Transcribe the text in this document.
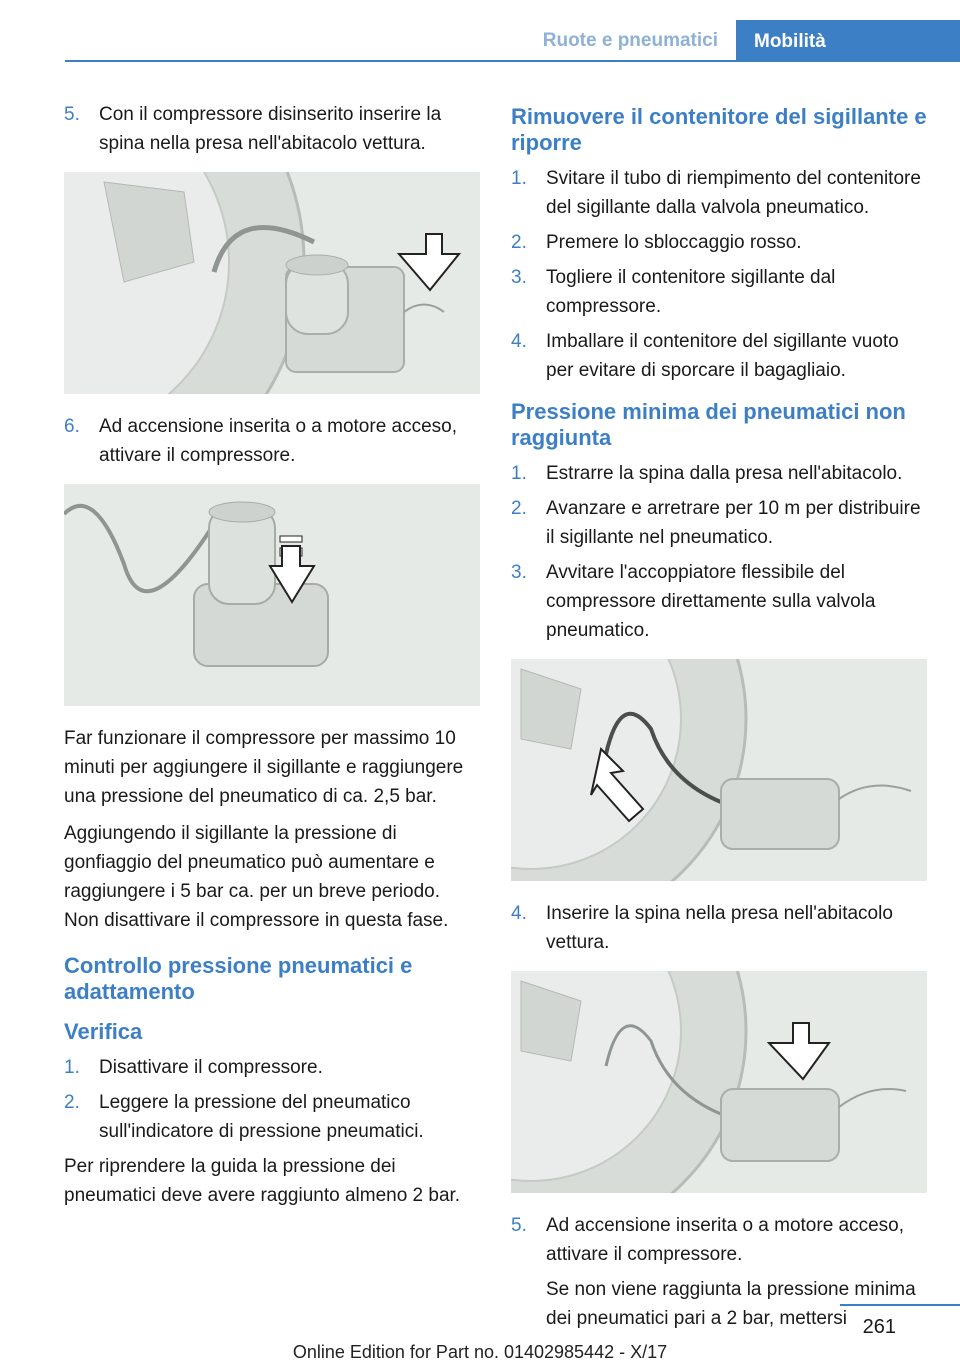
Ruote e pneumatici	Mobilità
5. Con il compressore disinserito inserire la spina nella presa nell'abitacolo vettura.
6. Ad accensione inserita o a motore acceso, attivare il compressore.

Far funzionare il compressore per massimo 10 minuti per aggiungere il sigillante e raggiungere una pressione del pneumatico di ca. 2,5 bar.

Aggiungendo il sigillante la pressione di gonfiaggio del pneumatico può aumentare e raggiungere i 5 bar ca. per un breve periodo. Non disattivare il compressore in questa fase.

Controllo pressione pneumatici e adattamento
Verifica
1. Disattivare il compressore.
2. Leggere la pressione del pneumatico sull'indicatore di pressione pneumatici.

Per riprendere la guida la pressione dei pneumatici deve avere raggiunto almeno 2 bar.

Rimuovere il contenitore del sigillante e riporre
1. Svitare il tubo di riempimento del contenitore del sigillante dalla valvola pneumatico.
2. Premere lo sbloccaggio rosso.
3. Togliere il contenitore sigillante dal compressore.
4. Imballare il contenitore del sigillante vuoto per evitare di sporcare il bagagliaio.
Pressione minima dei pneumatici non raggiunta
1. Estrarre la spina dalla presa nell'abitacolo.
2. Avanzare e arretrare per 10 m per distribuire il sigillante nel pneumatico.
3. Avvitare l'accoppiatore flessibile del compressore direttamente sulla valvola pneumatico.
4. Inserire la spina nella presa nell'abitacolo vettura.
5. Ad accensione inserita o a motore acceso, attivare il compressore.
Se non viene raggiunta la pressione minima dei pneumatici pari a 2 bar, mettersi 261
Online Edition for Part no. 01402985442 - X/17
